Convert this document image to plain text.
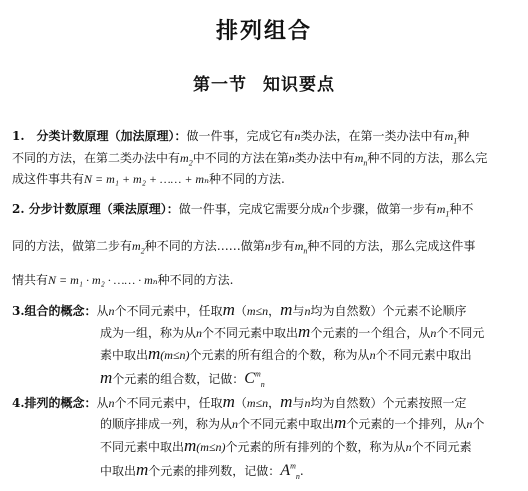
排列组合
第一节 知识要点
1.　分类计数原理（加法原理）：做一件事，完成它有n类办法，在第一类办法中有$m_1$种
不同的方法，在第二类办法中有$m_2$中不同的方法在第n类办法中有$m_n$种不同的方法，那么完
成这件事共有N = m₁ + m₂ + …… + mₙ种不同的方法.
2. 分步计数原理（乘法原理）：做一件事，完成它需要分成n个步骤，做第一步有$m_1$种不
同的方法，做第二步有$m_2$种不同的方法……做第n步有$m_n$种不同的方法，那么完成这件事
情共有N = m₁ · m₂ · …… · mₙ种不同的方法.
3.组合的概念：从n个不同元素中，任取m（m≤n，m与n均为自然数）个元素不论顺序
成为一组，称为从n个不同元素中取出m个元素的一个组合，从n个不同元
素中取出m(m≤n)个元素的所有组合的个数，称为从n个不同元素中取出
m个元素的组合数，记做：$C^m_n$
4.排列的概念：从n个不同元素中，任取m（m≤n，m与n均为自然数）个元素按照一定
的顺序排成一列，称为从n个不同元素中取出m个元素的一个排列，从n个
不同元素中取出m(m≤n)个元素的所有排列的个数，称为从n个不同元素
中取出m个元素的排列数，记做：$A^m_n$.
